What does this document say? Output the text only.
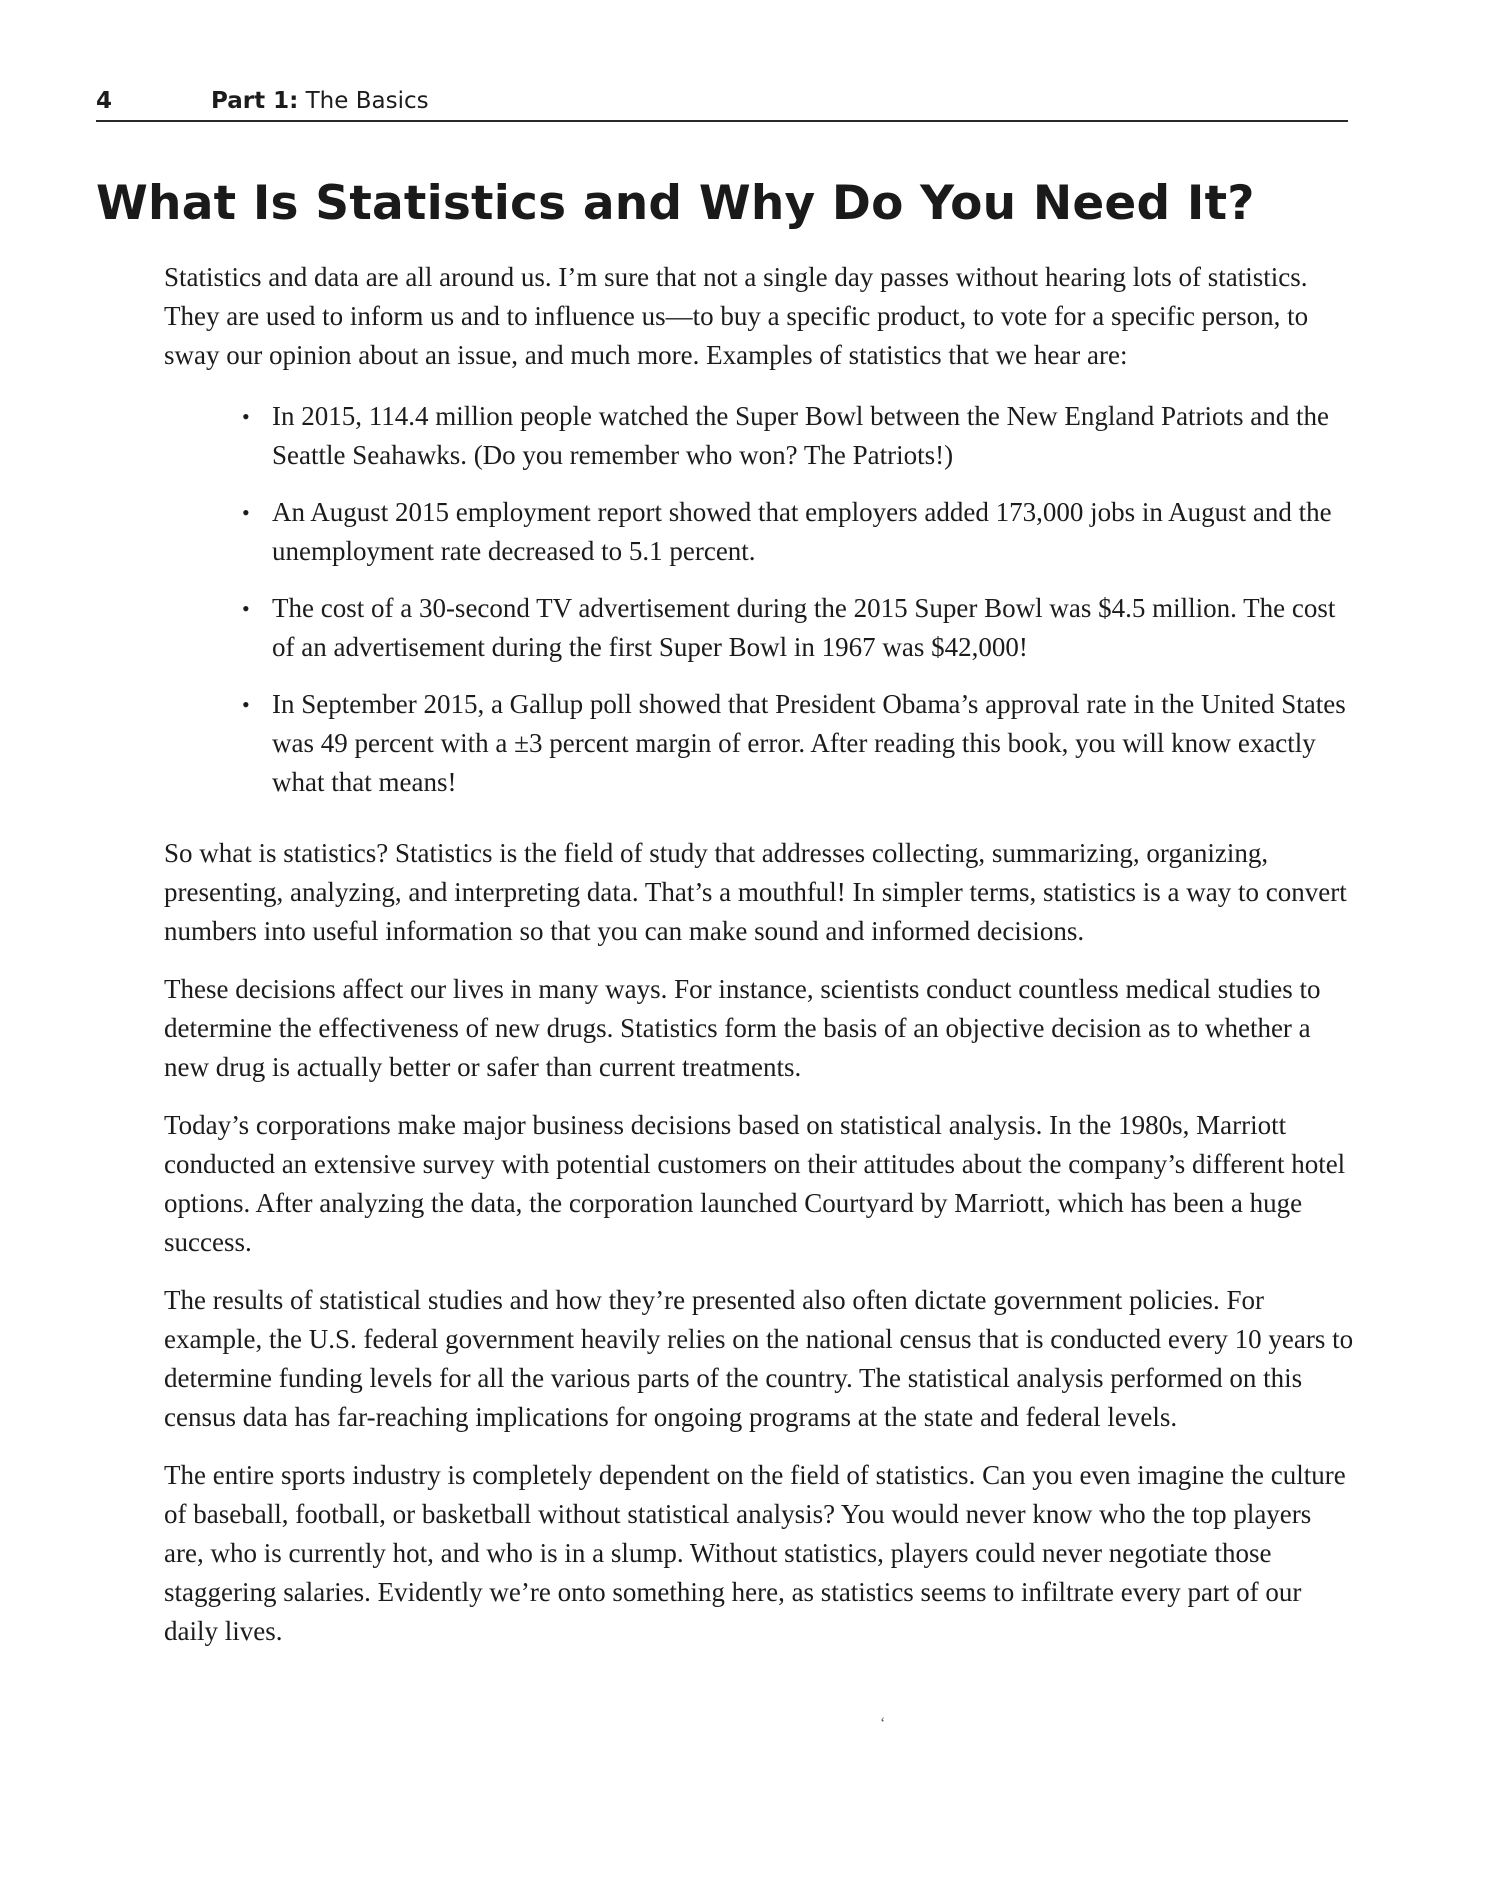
4	Part 1: The Basics
What Is Statistics and Why Do You Need It?

Statistics and data are all around us. I’m sure that not a single day passes without hearing lots of statistics. They are used to inform us and to influence us—to buy a specific product, to vote for a specific person, to sway our opinion about an issue, and much more. Examples of statistics that we hear are:

• In 2015, 114.4 million people watched the Super Bowl between the New England Patriots and the Seattle Seahawks. (Do you remember who won? The Patriots!)
• An August 2015 employment report showed that employers added 173,000 jobs in August and the unemployment rate decreased to 5.1 percent.
• The cost of a 30-second TV advertisement during the 2015 Super Bowl was $4.5 million. The cost of an advertisement during the first Super Bowl in 1967 was $42,000!
• In September 2015, a Gallup poll showed that President Obama’s approval rate in the United States was 49 percent with a ±3 percent margin of error. After reading this book, you will know exactly what that means!

So what is statistics? Statistics is the field of study that addresses collecting, summarizing, organizing, presenting, analyzing, and interpreting data. That’s a mouthful! In simpler terms, statistics is a way to convert numbers into useful information so that you can make sound and informed decisions.

These decisions affect our lives in many ways. For instance, scientists conduct countless medical studies to determine the effectiveness of new drugs. Statistics form the basis of an objective decision as to whether a new drug is actually better or safer than current treatments.

Today’s corporations make major business decisions based on statistical analysis. In the 1980s, Marriott conducted an extensive survey with potential customers on their attitudes about the company’s different hotel options. After analyzing the data, the corporation launched Courtyard by Marriott, which has been a huge success.

The results of statistical studies and how they’re presented also often dictate government policies. For example, the U.S. federal government heavily relies on the national census that is conducted every 10 years to determine funding levels for all the various parts of the country. The statistical analysis performed on this census data has far-reaching implications for ongoing programs at the state and federal levels.

The entire sports industry is completely dependent on the field of statistics. Can you even imagine the culture of baseball, football, or basketball without statistical analysis? You would never know who the top players are, who is currently hot, and who is in a slump. Without statistics, players could never negotiate those staggering salaries. Evidently we’re onto something here, as statistics seems to infiltrate every part of our daily lives.

ʻ
